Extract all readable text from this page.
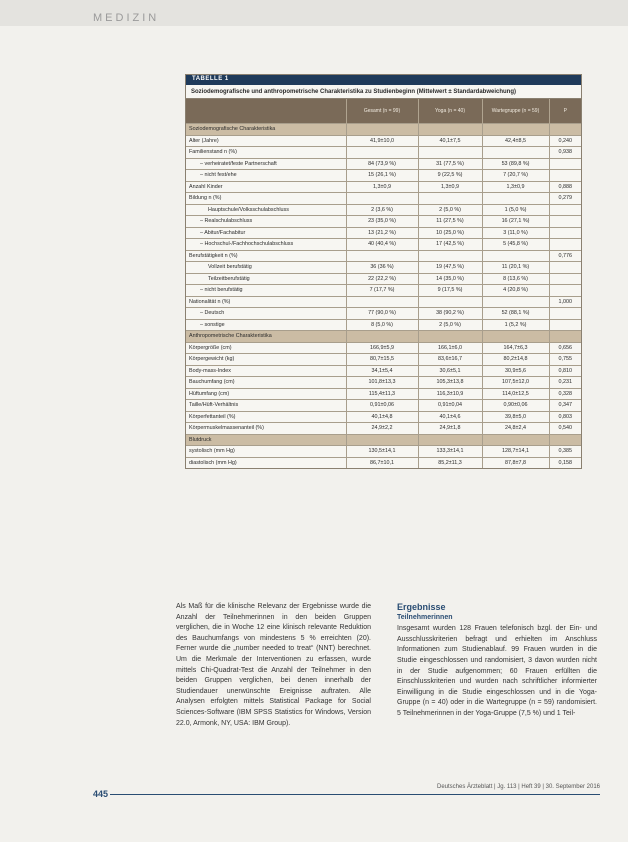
MEDIZIN
TABELLE 1
Soziodemografische und anthropometrische Charakteristika zu Studienbeginn (Mittelwert ± Standardabweichung)
	Gesamt (n = 99)	Yoga (n = 40)	Wartegruppe (n = 59)	P
Soziodemografische Charakteristika				
Alter (Jahre)	41,9±10,0	40,1±7,5	42,4±8,5	0,240
Familienstand n (%)				0,938
– verheiratet/feste Partnerschaft	84 (73,9 %)	31 (77,5 %)	53 (89,8 %)	
– nicht fest/ehe	15 (26,1 %)	9 (22,5 %)	7 (20,7 %)	
Anzahl Kinder	1,3±0,9	1,3±0,9	1,3±0,9	0,888
Bildung n (%)				0,279
Hauptschule/Volksschulabschluss	2 (3,6 %)	2 (5,0 %)	1 (5,0 %)	
– Realschulabschluss	23 (35,0 %)	11 (27,5 %)	16 (27,1 %)	
– Abitur/Fachabitur	13 (21,2 %)	10 (25,0 %)	3 (11,0 %)	
– Hochschul-/Fachhochschulabschluss	40 (40,4 %)	17 (42,5 %)	5 (45,8 %)	
Berufstätigkeit n (%)				0,776
Vollzeit berufstätig	36 (36 %)	19 (47,5 %)	11 (20,1 %)	
Teilzeitberufstätig	22 (22,2 %)	14 (35,0 %)	8 (13,6 %)	
– nicht berufstätig	7 (17,7 %)	9 (17,5 %)	4 (20,8 %)	
Nationalität n (%)				1,000
– Deutsch	77 (90,0 %)	38 (90,2 %)	52 (88,1 %)	
– sonstige	8 (5,0 %)	2 (5,0 %)	1 (5,2 %)	
Anthropometrische Charakteristika				
Körpergröße (cm)	166,9±5,9	166,1±6,0	164,7±6,3	0,656
Körpergewicht (kg)	80,7±15,5	83,6±16,7	80,2±14,8	0,755
Body-mass-Index	34,1±5,4	30,6±5,1	30,9±5,6	0,810
Bauchumfang (cm)	101,8±13,3	105,3±13,8	107,5±12,0	0,231
Hüftumfang (cm)	115,4±11,3	116,3±10,9	114,0±12,5	0,328
Taille/Hüft-Verhältnis	0,91±0,06	0,91±0,04	0,90±0,06	0,347
Körperfettanteil (%)	40,1±4,8	40,1±4,6	39,8±5,0	0,803
Körpermuskelmassenanteil (%)	24,9±2,2	24,9±1,8	24,8±2,4	0,540
Blutdruck				
systolisch (mm Hg)	130,5±14,1	133,3±14,1	128,7±14,1	0,385
diastolisch (mm Hg)	86,7±10,1	85,2±11,3	87,8±7,8	0,158

Als Maß für die klinische Relevanz der Ergebnisse wurde die Anzahl der Teilnehmerinnen in den beiden Gruppen verglichen, die in Woche 12 eine klinisch relevante Reduktion des Bauchumfangs von mindestens 5 % erreichten (20). Ferner wurde die „number needed to treat“ (NNT) berechnet. Um die Merkmale der Interventionen zu erfassen, wurde mittels Chi-Quadrat-Test die Anzahl der Teilnehmer in den beiden Gruppen verglichen, bei denen innerhalb der Studiendauer unerwünschte Ereignisse auftraten. Alle Analysen erfolgten mittels Statistical Package for Social Sciences-Software (IBM SPSS Statistics for Windows, Version 22.0, Armonk, NY, USA: IBM Group).

Ergebnisse
Teilnehmerinnen

Insgesamt wurden 128 Frauen telefonisch bzgl. der Ein- und Ausschlusskriterien befragt und erhielten im Anschluss Informationen zum Studienablauf. 99 Frauen wurden in die Studie eingeschlossen und randomisiert, 3 davon wurden nicht in der Studie aufgenommen; 60 Frauen erfüllten die Einschlusskriterien und wurden nach schriftlicher informierter Einwilligung in die Studie eingeschlossen und in die Yoga-Gruppe (n = 40) oder in die Wartegruppe (n = 59) randomisiert. 5 Teilnehmerinnen in der Yoga-Gruppe (7,5 %) und 1 Teil-

445
Deutsches Ärzteblatt | Jg. 113 | Heft 39 | 30. September 2016
